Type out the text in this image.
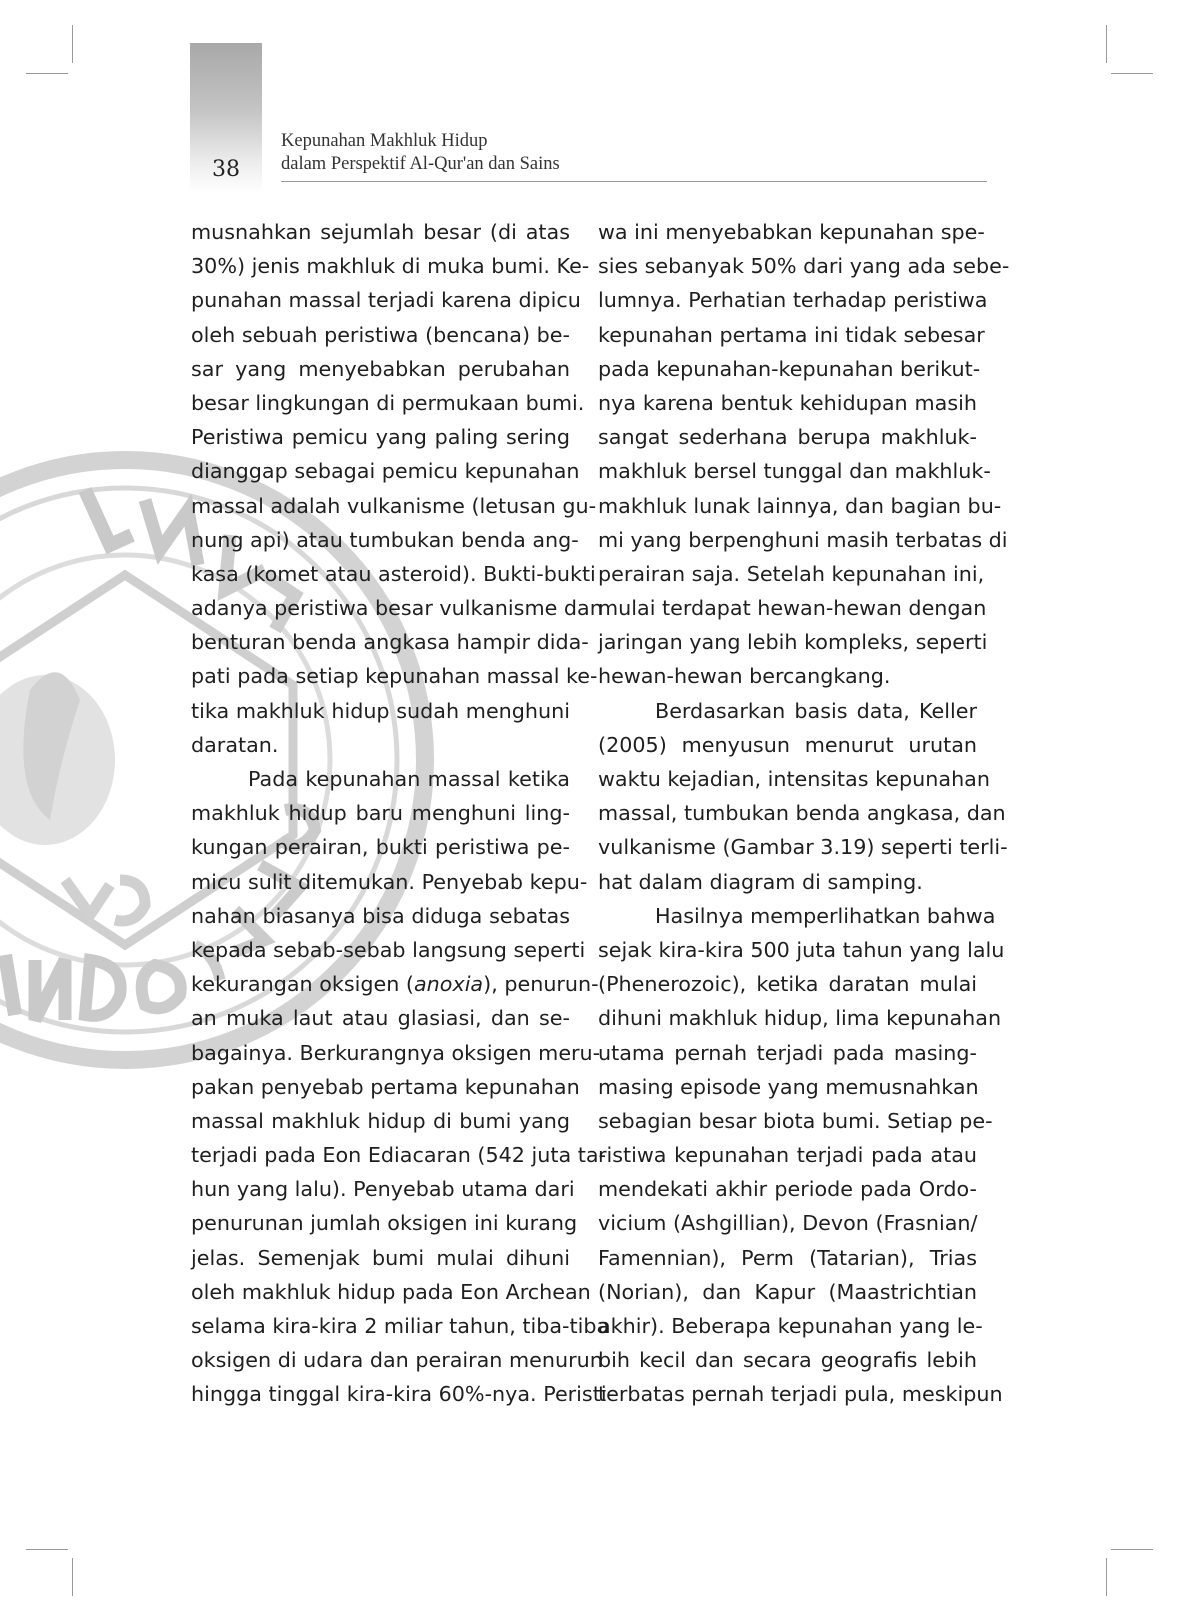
38
Kepunahan Makhluk Hidup
dalam Perspektif Al-Qur'an dan Sains
musnahkan sejumlah besar (di atas
30%) jenis makhluk di muka bumi. Ke-
punahan massal terjadi karena dipicu
oleh sebuah peristiwa (bencana) be-
sar yang menyebabkan perubahan
besar lingkungan di permukaan bumi.
Peristiwa pemicu yang paling sering
dianggap sebagai pemicu kepunahan
massal adalah vulkanisme (letusan gu-
nung api) atau tumbukan benda ang-
kasa (komet atau asteroid). Bukti-bukti
adanya peristiwa besar vulkanisme dan
benturan benda angkasa hampir dida-
pati pada setiap kepunahan massal ke-
tika makhluk hidup sudah menghuni
daratan.
Pada kepunahan massal ketika
makhluk hidup baru menghuni ling-
kungan perairan, bukti peristiwa pe-
micu sulit ditemukan. Penyebab kepu-
nahan biasanya bisa diduga sebatas
kepada sebab-sebab langsung seperti
kekurangan oksigen (anoxia), penurun-
an muka laut atau glasiasi, dan se-
bagainya. Berkurangnya oksigen meru-
pakan penyebab pertama kepunahan
massal makhluk hidup di bumi yang
terjadi pada Eon Ediacaran (542 juta ta-
hun yang lalu). Penyebab utama dari
penurunan jumlah oksigen ini kurang
jelas. Semenjak bumi mulai dihuni
oleh makhluk hidup pada Eon Archean
selama kira-kira 2 miliar tahun, tiba-tiba
oksigen di udara dan perairan menurun
hingga tinggal kira-kira 60%-nya. Peristi-
wa ini menyebabkan kepunahan spe-
sies sebanyak 50% dari yang ada sebe-
lumnya. Perhatian terhadap peristiwa
kepunahan pertama ini tidak sebesar
pada kepunahan-kepunahan berikut-
nya karena bentuk kehidupan masih
sangat sederhana berupa makhluk-
makhluk bersel tunggal dan makhluk-
makhluk lunak lainnya, dan bagian bu-
mi yang berpenghuni masih terbatas di
perairan saja. Setelah kepunahan ini,
mulai terdapat hewan-hewan dengan
jaringan yang lebih kompleks, seperti
hewan-hewan bercangkang.
Berdasarkan basis data, Keller
(2005) menyusun menurut urutan
waktu kejadian, intensitas kepunahan
massal, tumbukan benda angkasa, dan
vulkanisme (Gambar 3.19) seperti terli-
hat dalam diagram di samping.
Hasilnya memperlihatkan bahwa
sejak kira-kira 500 juta tahun yang lalu
(Phenerozoic), ketika daratan mulai
dihuni makhluk hidup, lima kepunahan
utama pernah terjadi pada masing-
masing episode yang memusnahkan
sebagian besar biota bumi. Setiap pe-
ristiwa kepunahan terjadi pada atau
mendekati akhir periode pada Ordo-
vicium (Ashgillian), Devon (Frasnian/
Famennian), Perm (Tatarian), Trias
(Norian), dan Kapur (Maastrichtian
akhir). Beberapa kepunahan yang le-
bih kecil dan secara geografis lebih
terbatas pernah terjadi pula, meskipun
